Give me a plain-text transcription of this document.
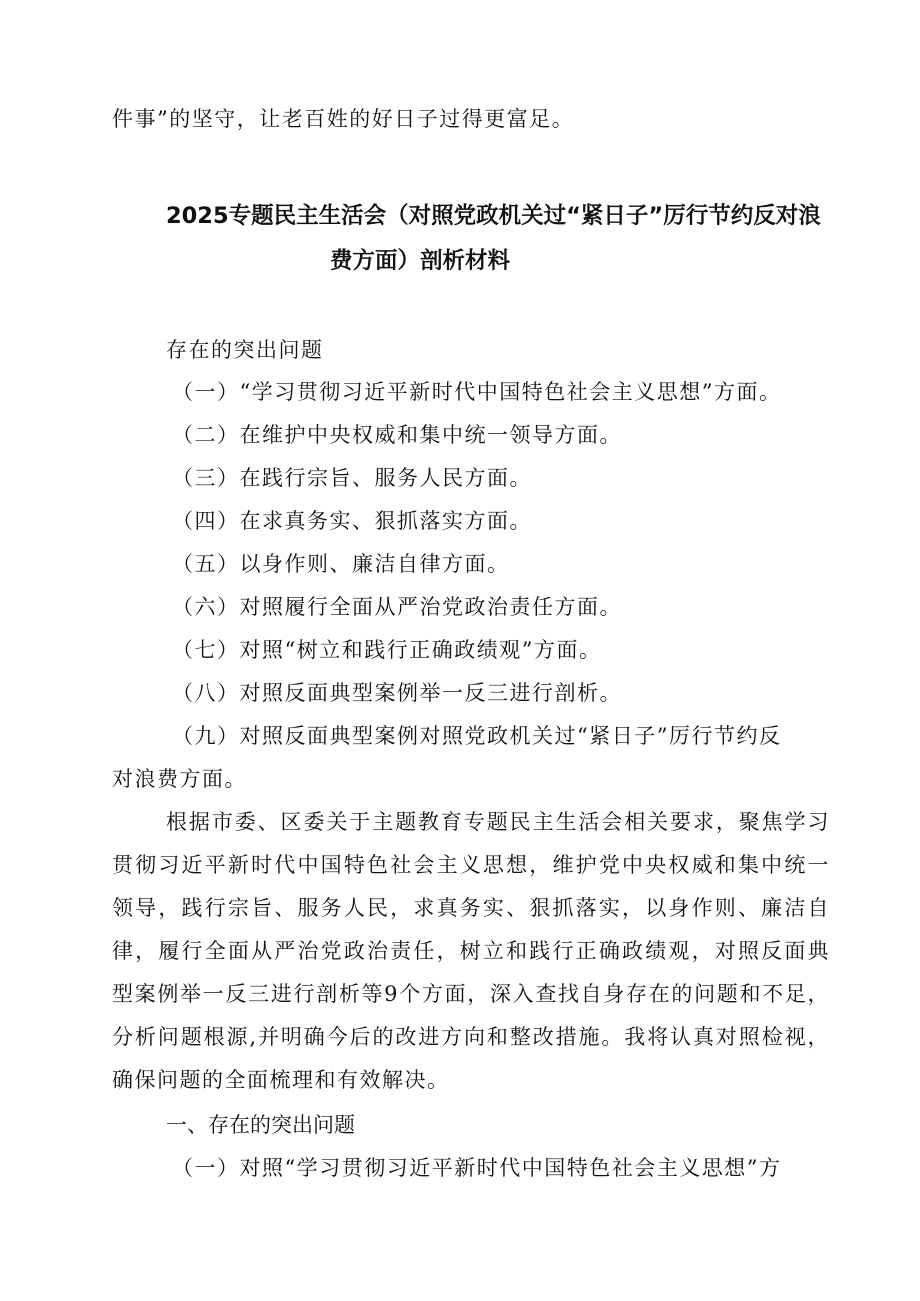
件事”的坚守，让老百姓的好日子过得更富足。
2025专题民主生活会（对照党政机关过“紧日子”厉行节约反对浪
费方面）剖析材料
存在的突出问题
（一）“学习贯彻习近平新时代中国特色社会主义思想”方面。
（二）在维护中央权威和集中统一领导方面。
（三）在践行宗旨、服务人民方面。
（四）在求真务实、狠抓落实方面。
（五）以身作则、廉洁自律方面。
（六）对照履行全面从严治党政治责任方面。
（七）对照“树立和践行正确政绩观”方面。
（八）对照反面典型案例举一反三进行剖析。
（九）对照反面典型案例对照党政机关过“紧日子”厉行节约反
对浪费方面。
根据市委、区委关于主题教育专题民主生活会相关要求，聚焦学习
贯彻习近平新时代中国特色社会主义思想，维护党中央权威和集中统一
领导，践行宗旨、服务人民，求真务实、狠抓落实，以身作则、廉洁自
律，履行全面从严治党政治责任，树立和践行正确政绩观，对照反面典
型案例举一反三进行剖析等9个方面，深入查找自身存在的问题和不足，
分析问题根源,并明确今后的改进方向和整改措施。我将认真对照检视，
确保问题的全面梳理和有效解决。
一、存在的突出问题
（一）对照“学习贯彻习近平新时代中国特色社会主义思想”方
